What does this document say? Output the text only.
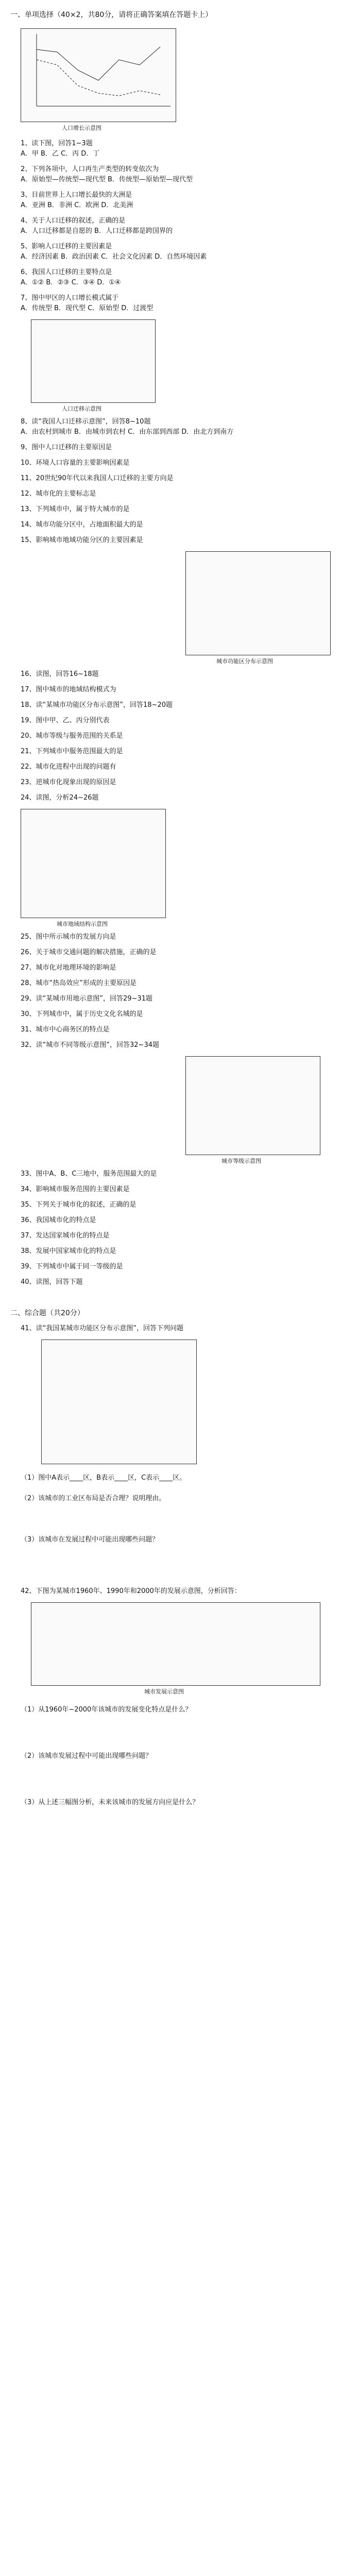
一、单项选择（40×2，共80分，请将正确答案填在答题卡上）
人口增长示意图
1、读下图，回答1~3题
A．甲 B．乙 C．丙 D．丁
2、下列各项中，人口再生产类型的转变依次为
A．原始型—传统型—现代型 B．传统型—原始型—现代型
3、目前世界上人口增长最快的大洲是
A．亚洲 B．非洲 C．欧洲 D．北美洲
4、关于人口迁移的叙述，正确的是
A．人口迁移都是自愿的 B．人口迁移都是跨国界的
5、影响人口迁移的主要因素是
A．经济因素 B．政治因素 C．社会文化因素 D．自然环境因素
6、我国人口迁移的主要特点是
A．①② B．②③ C．③④ D．①④
7、图中甲区的人口增长模式属于
A．传统型 B．现代型 C．原始型 D．过渡型
人口迁移示意图
8、读“我国人口迁移示意图”，回答8~10题
A．由农村到城市 B．由城市到农村 C．由东部到西部 D．由北方到南方
9、图中人口迁移的主要原因是
10、环境人口容量的主要影响因素是
11、20世纪90年代以来我国人口迁移的主要方向是
12、城市化的主要标志是
13、下列城市中，属于特大城市的是
14、城市功能分区中，占地面积最大的是
15、影响城市地域功能分区的主要因素是
城市功能区分布示意图
16、读图，回答16~18题
17、图中城市的地域结构模式为
18、读“某城市功能区分布示意图”，回答18~20题
19、图中甲、乙、丙分别代表
20、城市等级与服务范围的关系是
21、下列城市中服务范围最大的是
22、城市化进程中出现的问题有
23、逆城市化现象出现的原因是
24、读图，分析24~26题
城市地域结构示意图
25、图中所示城市的发展方向是
26、关于城市交通问题的解决措施，正确的是
27、城市化对地理环境的影响是
28、城市“热岛效应”形成的主要原因是
29、读“某城市用地示意图”，回答29~31题
30、下列城市中，属于历史文化名城的是
31、城市中心商务区的特点是
32、读“城市不同等级示意图”，回答32~34题
城市等级示意图
33、图中A、B、C三地中，服务范围最大的是
34、影响城市服务范围的主要因素是
35、下列关于城市化的叙述，正确的是
36、我国城市化的特点是
37、发达国家城市化的特点是
38、发展中国家城市化的特点是
39、下列城市中属于同一等级的是
40、读图，回答下题
二、综合题（共20分）
41、读“我国某城市功能区分布示意图”，回答下列问题
（1）图中A表示____区，B表示____区，C表示____区。
（2）该城市的工业区布局是否合理？说明理由。
（3）该城市在发展过程中可能出现哪些问题？
42、下图为某城市1960年、1990年和2000年的发展示意图，分析回答：
城市发展示意图
（1）从1960年~2000年该城市的发展变化特点是什么？
（2）该城市发展过程中可能出现哪些问题？
（3）从上述三幅图分析，未来该城市的发展方向应是什么？
